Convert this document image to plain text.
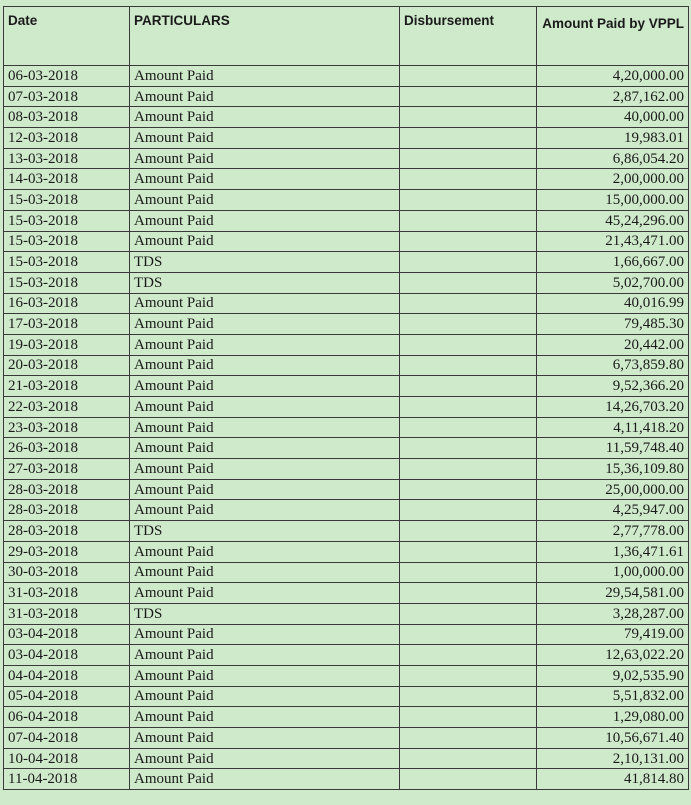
Date	PARTICULARS	Disbursement	Amount Paid by VPPL
06-03-2018	Amount Paid		4,20,000.00
07-03-2018	Amount Paid		2,87,162.00
08-03-2018	Amount Paid		40,000.00
12-03-2018	Amount Paid		19,983.01
13-03-2018	Amount Paid		6,86,054.20
14-03-2018	Amount Paid		2,00,000.00
15-03-2018	Amount Paid		15,00,000.00
15-03-2018	Amount Paid		45,24,296.00
15-03-2018	Amount Paid		21,43,471.00
15-03-2018	TDS		1,66,667.00
15-03-2018	TDS		5,02,700.00
16-03-2018	Amount Paid		40,016.99
17-03-2018	Amount Paid		79,485.30
19-03-2018	Amount Paid		20,442.00
20-03-2018	Amount Paid		6,73,859.80
21-03-2018	Amount Paid		9,52,366.20
22-03-2018	Amount Paid		14,26,703.20
23-03-2018	Amount Paid		4,11,418.20
26-03-2018	Amount Paid		11,59,748.40
27-03-2018	Amount Paid		15,36,109.80
28-03-2018	Amount Paid		25,00,000.00
28-03-2018	Amount Paid		4,25,947.00
28-03-2018	TDS		2,77,778.00
29-03-2018	Amount Paid		1,36,471.61
30-03-2018	Amount Paid		1,00,000.00
31-03-2018	Amount Paid		29,54,581.00
31-03-2018	TDS		3,28,287.00
03-04-2018	Amount Paid		79,419.00
03-04-2018	Amount Paid		12,63,022.20
04-04-2018	Amount Paid		9,02,535.90
05-04-2018	Amount Paid		5,51,832.00
06-04-2018	Amount Paid		1,29,080.00
07-04-2018	Amount Paid		10,56,671.40
10-04-2018	Amount Paid		2,10,131.00
11-04-2018	Amount Paid		41,814.80
